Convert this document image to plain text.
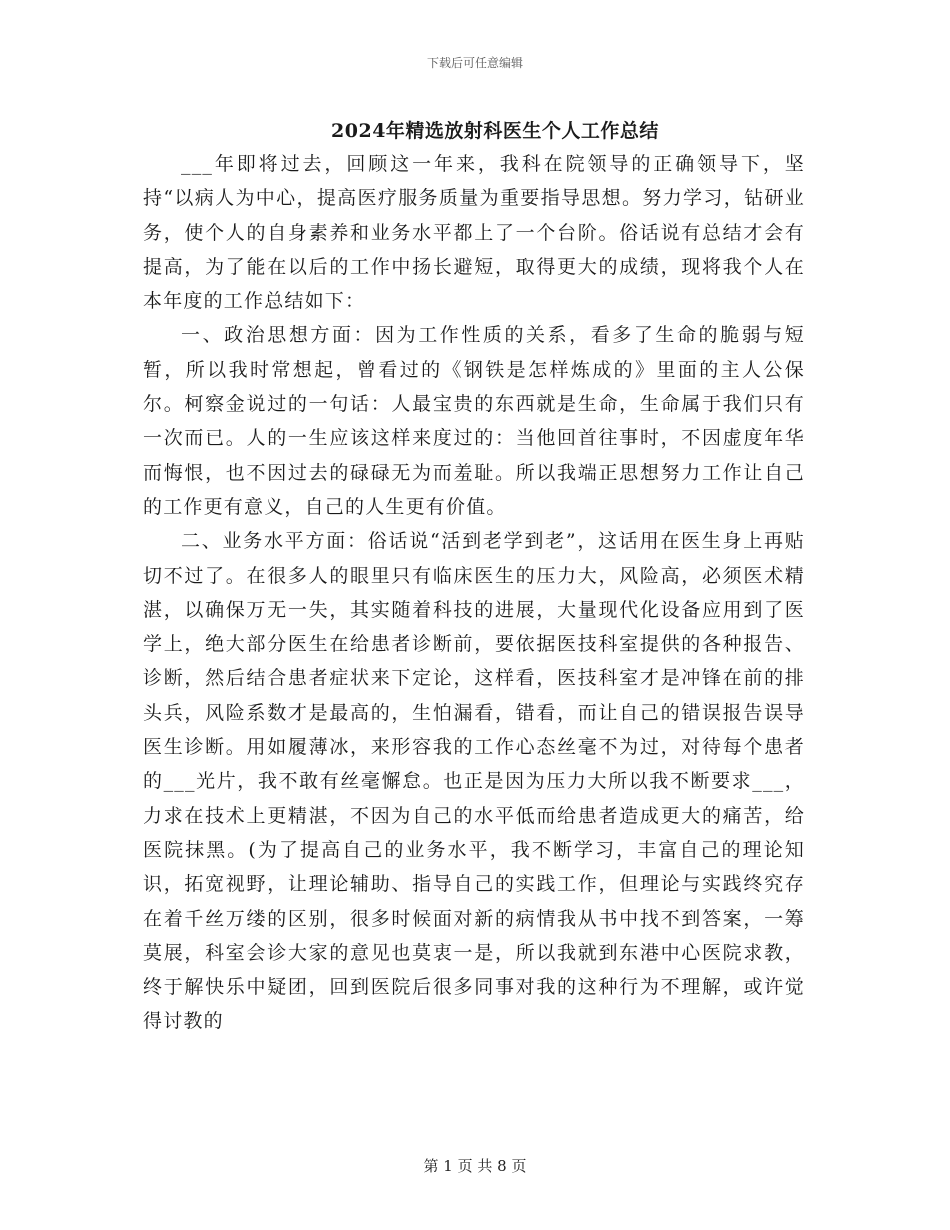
下载后可任意编辑
2024年精选放射科医生个人工作总结

___年即将过去，回顾这一年来，我科在院领导的正确领导下，坚持“以病人为中心，提高医疗服务质量为重要指导思想。努力学习，钻研业务，使个人的自身素养和业务水平都上了一个台阶。俗话说有总结才会有提高，为了能在以后的工作中扬长避短，取得更大的成绩，现将我个人在本年度的工作总结如下：

一、政治思想方面：因为工作性质的关系，看多了生命的脆弱与短暂，所以我时常想起，曾看过的《钢铁是怎样炼成的》里面的主人公保尔。柯察金说过的一句话：人最宝贵的东西就是生命，生命属于我们只有一次而已。人的一生应该这样来度过的：当他回首往事时，不因虚度年华而悔恨，也不因过去的碌碌无为而羞耻。所以我端正思想努力工作让自己的工作更有意义，自己的人生更有价值。

二、业务水平方面：俗话说“活到老学到老”，这话用在医生身上再贴切不过了。在很多人的眼里只有临床医生的压力大，风险高，必须医术精湛，以确保万无一失，其实随着科技的进展，大量现代化设备应用到了医学上，绝大部分医生在给患者诊断前，要依据医技科室提供的各种报告、诊断，然后结合患者症状来下定论，这样看，医技科室才是冲锋在前的排头兵，风险系数才是最高的，生怕漏看，错看，而让自己的错误报告误导医生诊断。用如履薄冰，来形容我的工作心态丝毫不为过，对待每个患者的___光片，我不敢有丝毫懈怠。也正是因为压力大所以我不断要求___，力求在技术上更精湛，不因为自己的水平低而给患者造成更大的痛苦，给医院抹黑。(为了提高自己的业务水平，我不断学习，丰富自己的理论知识，拓宽视野，让理论辅助、指导自己的实践工作，但理论与实践终究存在着千丝万缕的区别，很多时候面对新的病情我从书中找不到答案，一筹莫展，科室会诊大家的意见也莫衷一是，所以我就到东港中心医院求教，终于解快乐中疑团，回到医院后很多同事对我的这种行为不理解，或许觉得讨教的

第 1 页 共 8 页
